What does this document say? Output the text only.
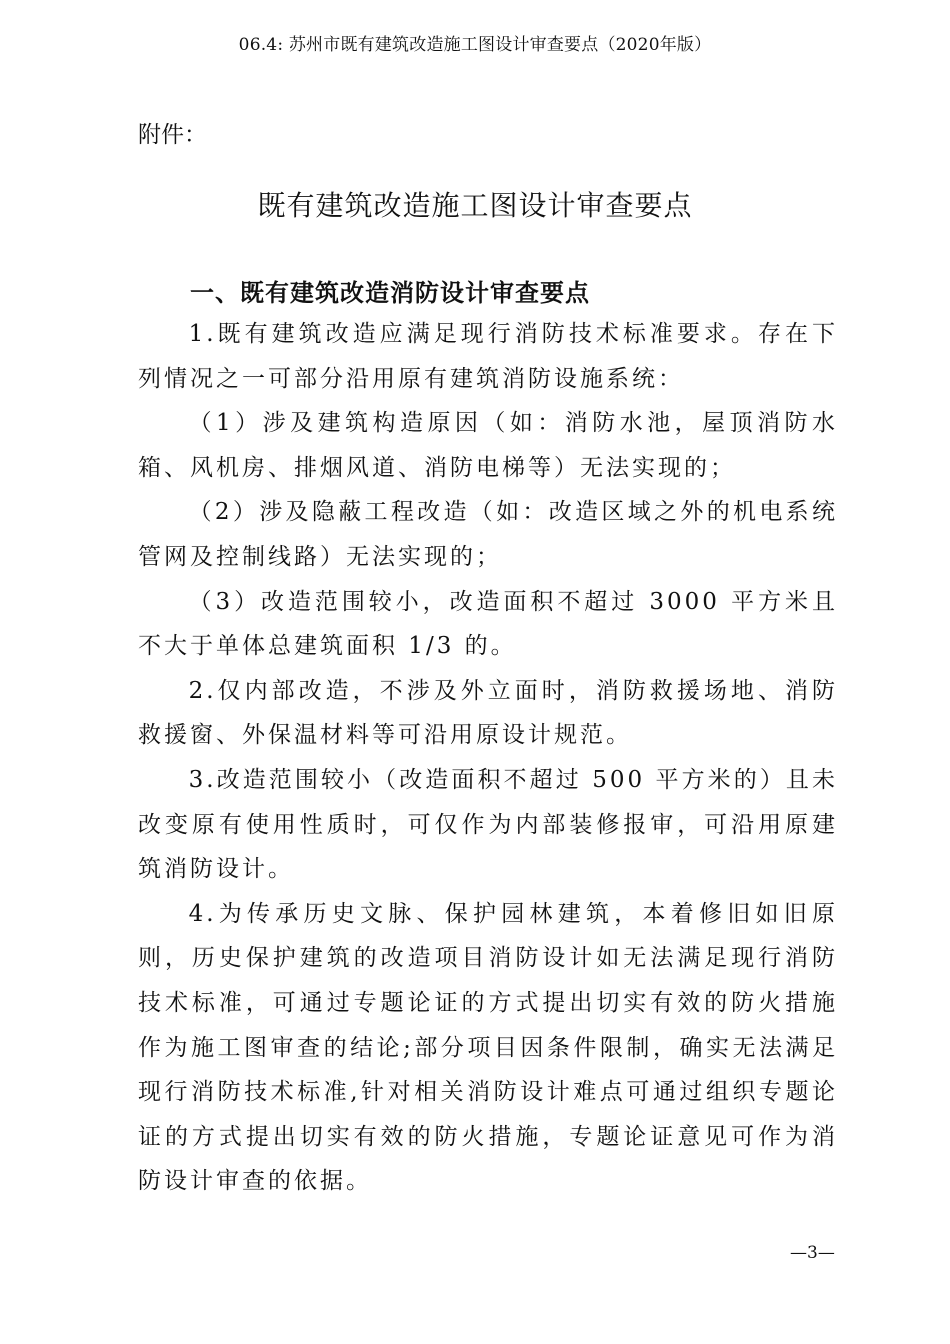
06.4: 苏州市既有建筑改造施工图设计审查要点（2020年版）
附件：
既有建筑改造施工图设计审查要点
一、既有建筑改造消防设计审查要点

1.既有建筑改造应满足现行消防技术标准要求。存在下列情况之一可部分沿用原有建筑消防设施系统：

（1）涉及建筑构造原因（如：消防水池，屋顶消防水箱、风机房、排烟风道、消防电梯等）无法实现的；

（2）涉及隐蔽工程改造（如：改造区域之外的机电系统管网及控制线路）无法实现的；

（3）改造范围较小，改造面积不超过 3000 平方米且不大于单体总建筑面积 1/3 的。

2.仅内部改造，不涉及外立面时，消防救援场地、消防救援窗、外保温材料等可沿用原设计规范。

3.改造范围较小（改造面积不超过 500 平方米的）且未改变原有使用性质时，可仅作为内部装修报审，可沿用原建筑消防设计。

4.为传承历史文脉、保护园林建筑，本着修旧如旧原则，历史保护建筑的改造项目消防设计如无法满足现行消防技术标准，可通过专题论证的方式提出切实有效的防火措施作为施工图审查的结论;部分项目因条件限制，确实无法满足现行消防技术标准,针对相关消防设计难点可通过组织专题论证的方式提出切实有效的防火措施，专题论证意见可作为消防设计审查的依据。

—3—
